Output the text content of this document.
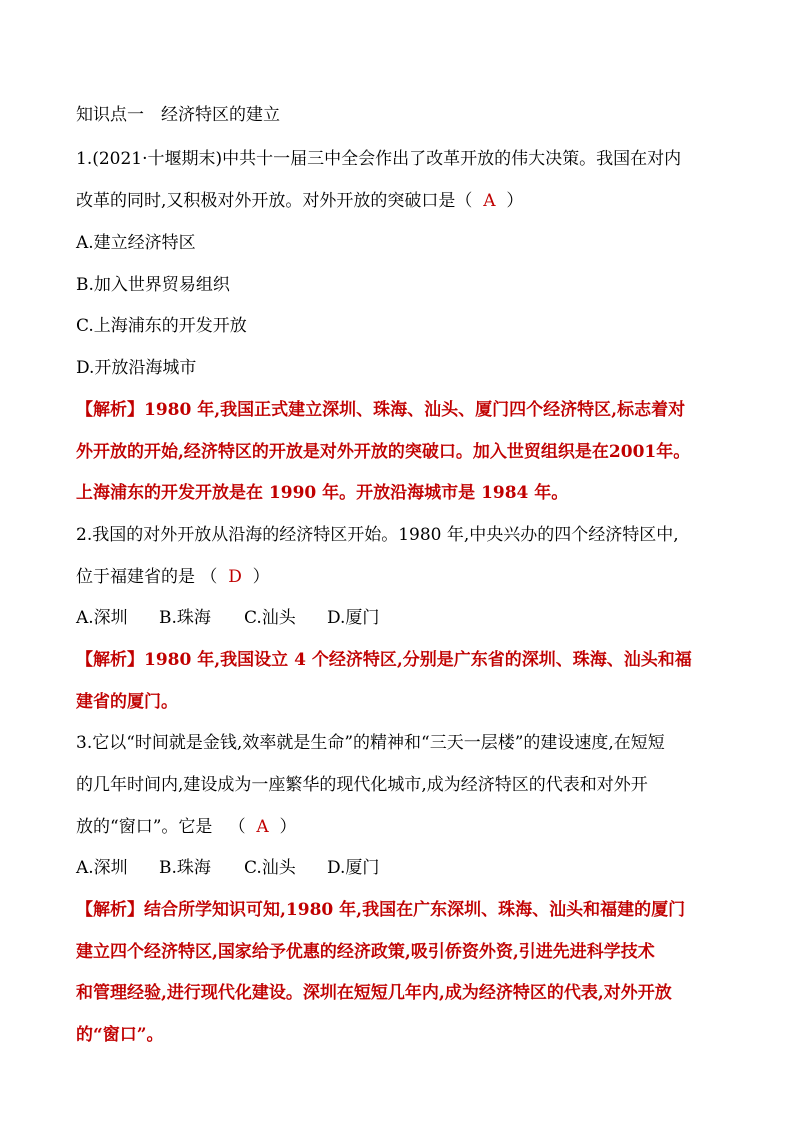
知识点一　经济特区的建立
1.(2021·十堰期末)中共十一届三中全会作出了改革开放的伟大决策。我国在对内
改革的同时,又积极对外开放。对外开放的突破口是（ A ）
A.建立经济特区
B.加入世界贸易组织
C.上海浦东的开发开放
D.开放沿海城市
【解析】1980 年,我国正式建立深圳、珠海、汕头、厦门四个经济特区,标志着对
外开放的开始,经济特区的开放是对外开放的突破口。加入世贸组织是在2001年。
上海浦东的开发开放是在 1990 年。开放沿海城市是 1984 年。
2.我国的对外开放从沿海的经济特区开始。1980 年,中央兴办的四个经济特区中,
位于福建省的是 （ D ）
A.深圳 B.珠海 C.汕头 D.厦门
【解析】1980 年,我国设立 4 个经济特区,分别是广东省的深圳、珠海、汕头和福
建省的厦门。
3.它以“时间就是金钱,效率就是生命”的精神和“三天一层楼”的建设速度,在短短
的几年时间内,建设成为一座繁华的现代化城市,成为经济特区的代表和对外开
放的“窗口”。它是 （ A ）
A.深圳 B.珠海 C.汕头 D.厦门
【解析】结合所学知识可知,1980 年,我国在广东深圳、珠海、汕头和福建的厦门
建立四个经济特区,国家给予优惠的经济政策,吸引侨资外资,引进先进科学技术
和管理经验,进行现代化建设。深圳在短短几年内,成为经济特区的代表,对外开放
的“窗口”。
